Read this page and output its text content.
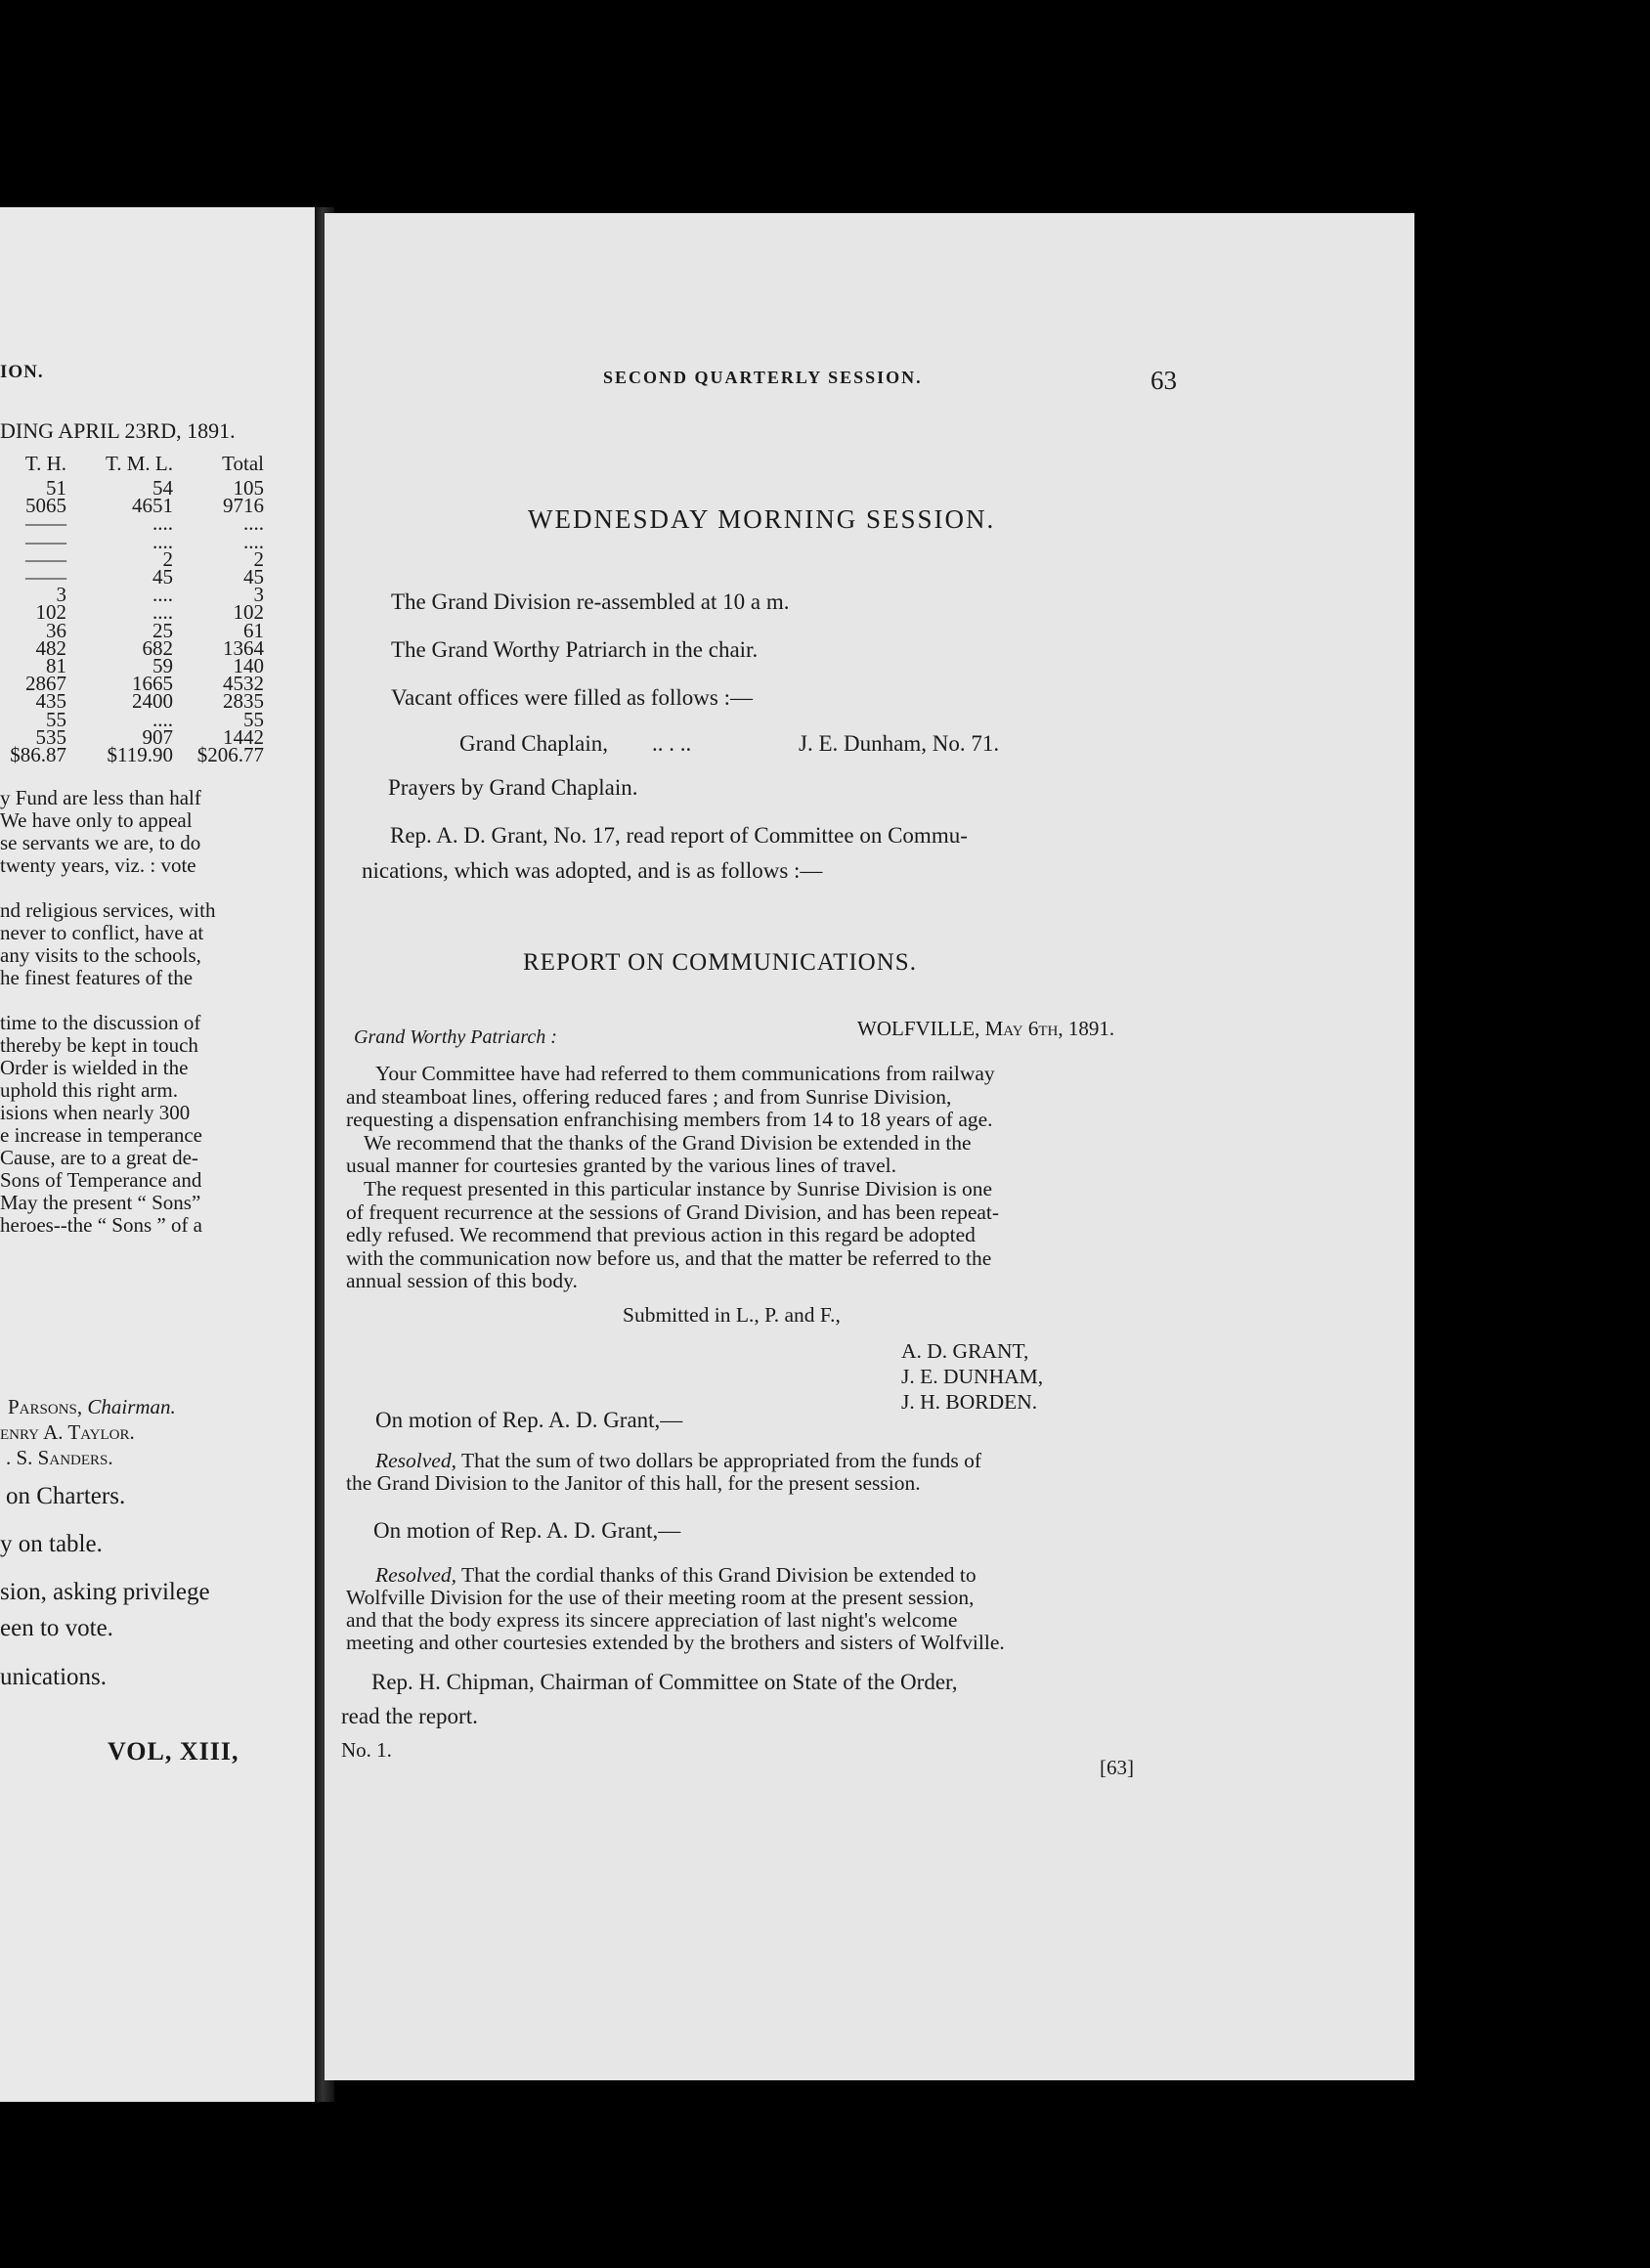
ION.
DING APRIL 23RD, 1891.
T. H. T. M. L. Total
51	54	105
5065	4651 9716
——	....	....
——	....	....
——	2	2
——	45	45
3	....	3
102	....	102
36	25	61
482	682 1364
81	59	140
2867	1665 4532
435	2400 2835
55	....	55
535	907 1442
$86.87 $119.90 $206.77
y Fund are less than half
We have only to appeal
se servants we are, to do
twenty years, viz. : vote
nd religious services, with
never to conflict, have at
any visits to the schools,
he finest features of the
time to the discussion of
thereby be kept in touch
Order is wielded in the
uphold this right arm.
isions when nearly 300
e increase in temperance
Cause, are to a great de-
Sons of Temperance and
May the present “ Sons”
heroes--the “ Sons ” of a
Parsons, Chairman.
enry A. Taylor.
. S. Sanders.
on Charters.
y on table.
sion, asking privilege
een to vote.
unications.
VOL, XIII,
SECOND QUARTERLY SESSION.	63
WEDNESDAY MORNING SESSION.
The Grand Division re-assembled at 10 a m.
The Grand Worthy Patriarch in the chair.
Vacant offices were filled as follows :—
Grand Chaplain, .. . ..	J. E. Dunham, No. 71.
Prayers by Grand Chaplain.
Rep. A. D. Grant, No. 17, read report of Committee on Commu-
nications, which was adopted, and is as follows :—
REPORT ON COMMUNICATIONS.
WOLFVILLE, May 6th, 1891.
Grand Worthy Patriarch :
Your Committee have had referred to them communications from railway
and steamboat lines, offering reduced fares ; and from Sunrise Division,
requesting a dispensation enfranchising members from 14 to 18 years of age.
We recommend that the thanks of the Grand Division be extended in the
usual manner for courtesies granted by the various lines of travel.
The request presented in this particular instance by Sunrise Division is one
of frequent recurrence at the sessions of Grand Division, and has been repeat-
edly refused. We recommend that previous action in this regard be adopted
with the communication now before us, and that the matter be referred to the
annual session of this body.
Submitted in L., P. and F.,
A. D. GRANT,
J. E. DUNHAM,
J. H. BORDEN.
On motion of Rep. A. D. Grant,—
Resolved, That the sum of two dollars be appropriated from the funds of
the Grand Division to the Janitor of this hall, for the present session.
On motion of Rep. A. D. Grant,—
Resolved, That the cordial thanks of this Grand Division be extended to
Wolfville Division for the use of their meeting room at the present session,
and that the body express its sincere appreciation of last night's welcome
meeting and other courtesies extended by the brothers and sisters of Wolfville.
Rep. H. Chipman, Chairman of Committee on State of the Order,
read the report.
No. 1.
[63]
